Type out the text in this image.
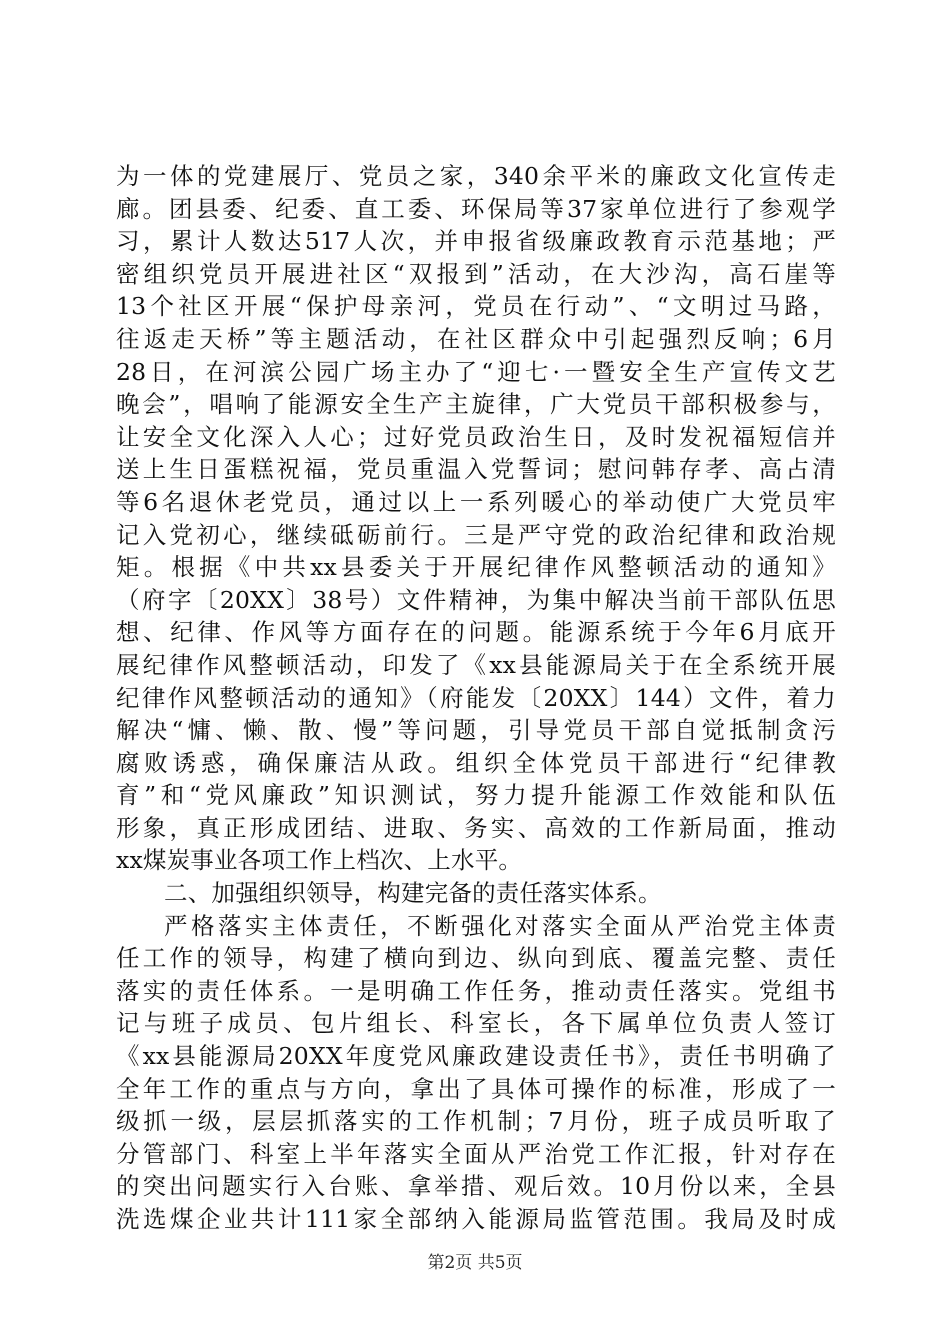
为一体的党建展厅、党员之家，340余平米的廉政文化宣传走
廊。团县委、纪委、直工委、环保局等37家单位进行了参观学
习，累计人数达517人次，并申报省级廉政教育示范基地；严
密组织党员开展进社区“双报到”活动，在大沙沟，高石崖等
13个社区开展“保护母亲河，党员在行动”、“文明过马路，
往返走天桥”等主题活动，在社区群众中引起强烈反响；6月
28日，在河滨公园广场主办了“迎七·一暨安全生产宣传文艺
晚会”，唱响了能源安全生产主旋律，广大党员干部积极参与，
让安全文化深入人心；过好党员政治生日，及时发祝福短信并
送上生日蛋糕祝福，党员重温入党誓词；慰问韩存孝、高占清
等6名退休老党员，通过以上一系列暖心的举动使广大党员牢
记入党初心，继续砥砺前行。三是严守党的政治纪律和政治规
矩。根据《中共xx县委关于开展纪律作风整顿活动的通知》
（府字〔20XX〕38号）文件精神，为集中解决当前干部队伍思
想、纪律、作风等方面存在的问题。能源系统于今年6月底开
展纪律作风整顿活动，印发了《xx县能源局关于在全系统开展
纪律作风整顿活动的通知》（府能发〔20XX〕144）文件，着力
解决“慵、懒、散、慢”等问题，引导党员干部自觉抵制贪污
腐败诱惑，确保廉洁从政。组织全体党员干部进行“纪律教
育”和“党风廉政”知识测试，努力提升能源工作效能和队伍
形象，真正形成团结、进取、务实、高效的工作新局面，推动
xx煤炭事业各项工作上档次、上水平。
二、加强组织领导，构建完备的责任落实体系。
严格落实主体责任，不断强化对落实全面从严治党主体责
任工作的领导，构建了横向到边、纵向到底、覆盖完整、责任
落实的责任体系。一是明确工作任务，推动责任落实。党组书
记与班子成员、包片组长、科室长，各下属单位负责人签订
《xx县能源局20XX年度党风廉政建设责任书》，责任书明确了
全年工作的重点与方向，拿出了具体可操作的标准，形成了一
级抓一级，层层抓落实的工作机制；7月份，班子成员听取了
分管部门、科室上半年落实全面从严治党工作汇报，针对存在
的突出问题实行入台账、拿举措、观后效。10月份以来，全县
洗选煤企业共计111家全部纳入能源局监管范围。我局及时成
第2页 共5页
